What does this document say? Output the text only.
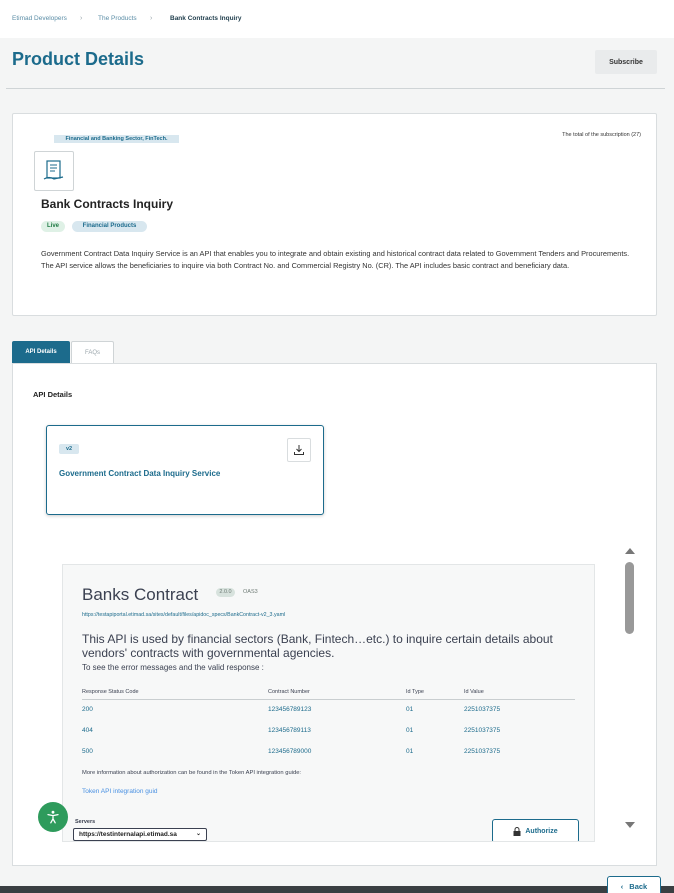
Etimad Developers › The Products ›	Bank Contracts Inquiry
Product Details	Subscribe
Financial and Banking Sector, FinTech.
The total of the subscription (27)
Bank Contracts Inquiry
Live	Financial Products

Government Contract Data Inquiry Service is an API that enables you to integrate and obtain existing and historical contract data related to Government Tenders and Procurements. The API service allows the beneficiaries to inquire via both Contract No. and Commercial Registry No. (CR). The API includes basic contract and beneficiary data.

API Details	FAQs
API Details
v2
Government Contract Data Inquiry Service
Banks Contract	2.0.0	OAS3
https://testapiportal.etimad.sa/sites/default/files/apidoc_specs/BankContract-v2_3.yaml
This API is used by financial sectors (Bank, Fintech…etc.) to inquire certain details about vendors' contracts with governmental agencies.
To see the error messages and the valid response :
Response Status Code	Contract Number	Id Type	Id Value
200	123456789123	01	2251037375
404	123456789113	01	2251037375
500	123456789000	01	2251037375
More information about authorization can be found in the Token API integration guide:
Token API integration guid
Servers
https://testinternalapi.etimad.sa	⌄	Authorize
‹ Back
